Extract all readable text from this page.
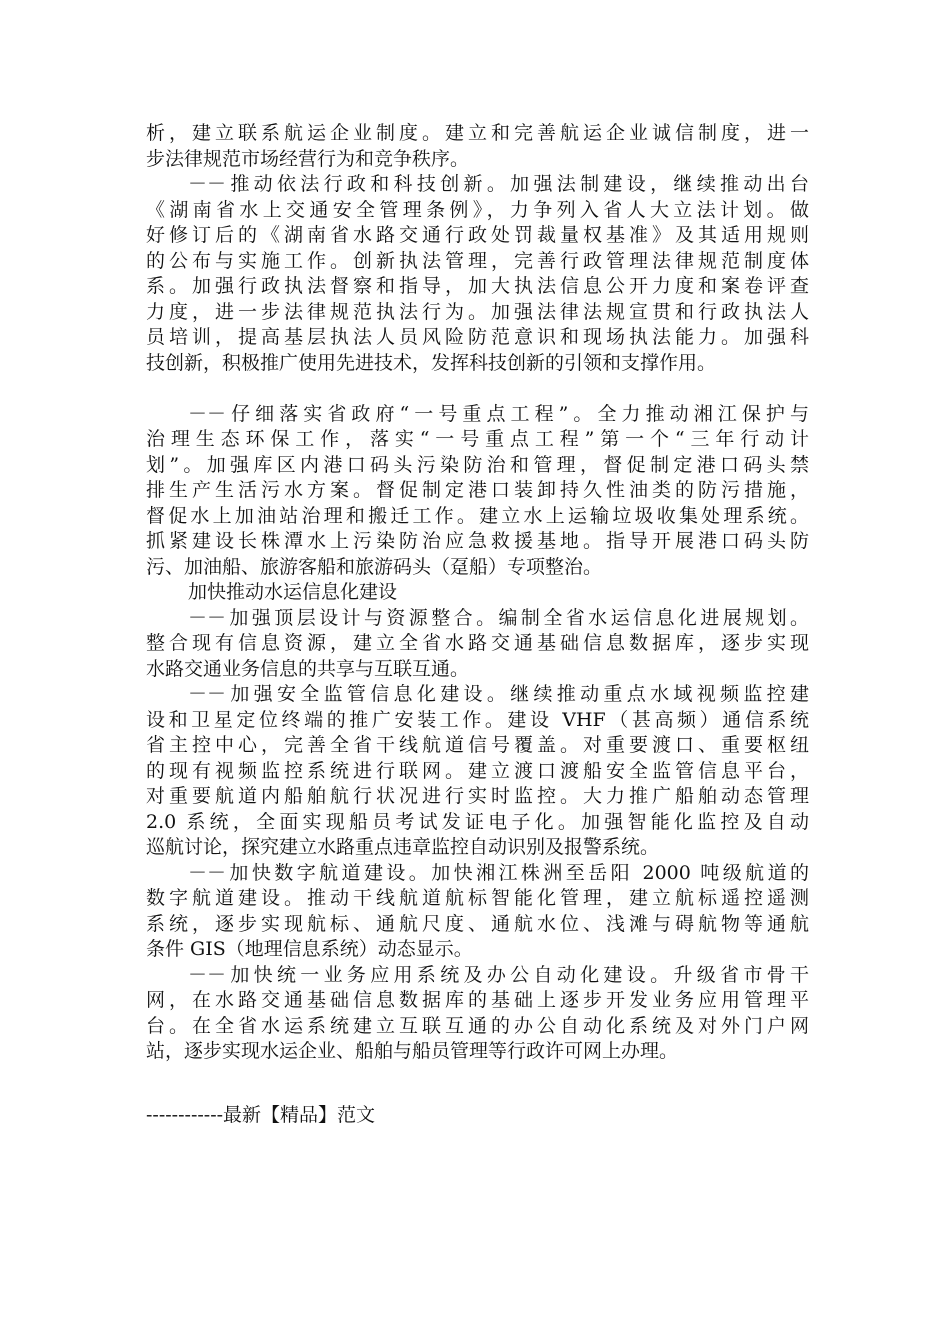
析，建立联系航运企业制度。建立和完善航运企业诚信制度，进一
步法律规范市场经营行为和竞争秩序。
－－推动依法行政和科技创新。加强法制建设，继续推动出台
《湖南省水上交通安全管理条例》，力争列入省人大立法计划。做
好修订后的《湖南省水路交通行政处罚裁量权基准》及其适用规则
的公布与实施工作。创新执法管理，完善行政管理法律规范制度体
系。加强行政执法督察和指导，加大执法信息公开力度和案卷评查
力度，进一步法律规范执法行为。加强法律法规宣贯和行政执法人
员培训，提高基层执法人员风险防范意识和现场执法能力。加强科
技创新，积极推广使用先进技术，发挥科技创新的引领和支撑作用。
－－仔细落实省政府“一号重点工程”。全力推动湘江保护与
治理生态环保工作，落实“一号重点工程”第一个“三年行动计
划”。加强库区内港口码头污染防治和管理，督促制定港口码头禁
排生产生活污水方案。督促制定港口装卸持久性油类的防污措施，
督促水上加油站治理和搬迁工作。建立水上运输垃圾收集处理系统。
抓紧建设长株潭水上污染防治应急救援基地。指导开展港口码头防
污、加油船、旅游客船和旅游码头（趸船）专项整治。
加快推动水运信息化建设
－－加强顶层设计与资源整合。编制全省水运信息化进展规划。
整合现有信息资源，建立全省水路交通基础信息数据库，逐步实现
水路交通业务信息的共享与互联互通。
－－加强安全监管信息化建设。继续推动重点水域视频监控建
设和卫星定位终端的推广安装工作。建设 VHF（甚高频）通信系统
省主控中心，完善全省干线航道信号覆盖。对重要渡口、重要枢纽
的现有视频监控系统进行联网。建立渡口渡船安全监管信息平台，
对重要航道内船舶航行状况进行实时监控。大力推广船舶动态管理
2.0 系统，全面实现船员考试发证电子化。加强智能化监控及自动
巡航讨论，探究建立水路重点违章监控自动识别及报警系统。
－－加快数字航道建设。加快湘江株洲至岳阳 2000 吨级航道的
数字航道建设。推动干线航道航标智能化管理，建立航标遥控遥测
系统，逐步实现航标、通航尺度、通航水位、浅滩与碍航物等通航
条件 GIS（地理信息系统）动态显示。
－－加快统一业务应用系统及办公自动化建设。升级省市骨干
网，在水路交通基础信息数据库的基础上逐步开发业务应用管理平
台。在全省水运系统建立互联互通的办公自动化系统及对外门户网
站，逐步实现水运企业、船舶与船员管理等行政许可网上办理。
------------最新【精品】范文
